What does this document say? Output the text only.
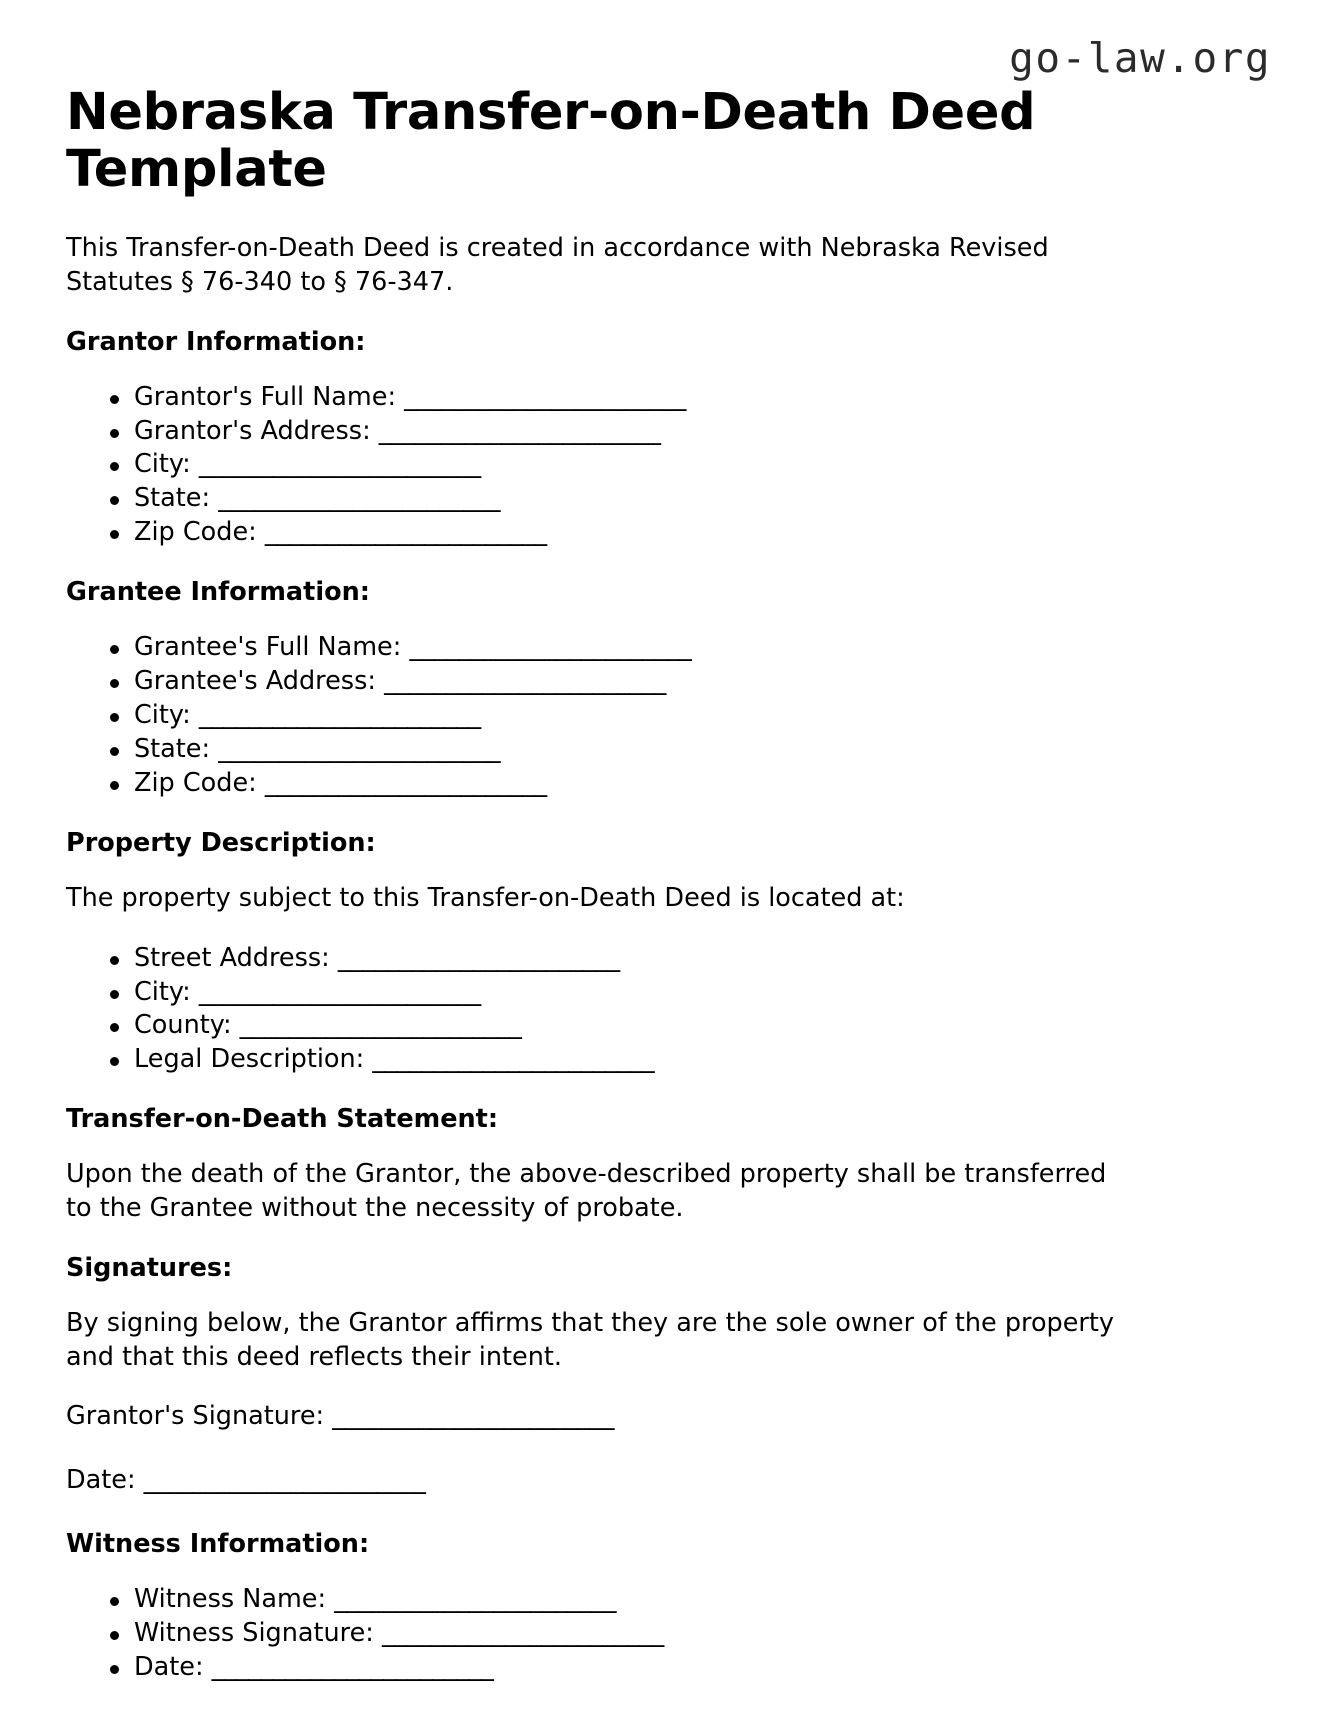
go-law.org
Nebraska Transfer-on-Death Deed Template

This Transfer-on-Death Deed is created in accordance with Nebraska Revised Statutes § 76-340 to § 76-347.

Grantor Information:
Grantor's Full Name: _______________________
Grantor's Address: _______________________
City: _______________________
State: _______________________
Zip Code: _______________________
Grantee Information:
Grantee's Full Name: _______________________
Grantee's Address: _______________________
City: _______________________
State: _______________________
Zip Code: _______________________
Property Description:

The property subject to this Transfer-on-Death Deed is located at:

Street Address: _______________________
City: _______________________
County: _______________________
Legal Description: _______________________
Transfer-on-Death Statement:

Upon the death of the Grantor, the above-described property shall be transferred to the Grantee without the necessity of probate.

Signatures:

By signing below, the Grantor affirms that they are the sole owner of the property and that this deed reflects their intent.

Grantor's Signature: _______________________
Date: _______________________
Witness Information:
Witness Name: _______________________
Witness Signature: _______________________
Date: _______________________
